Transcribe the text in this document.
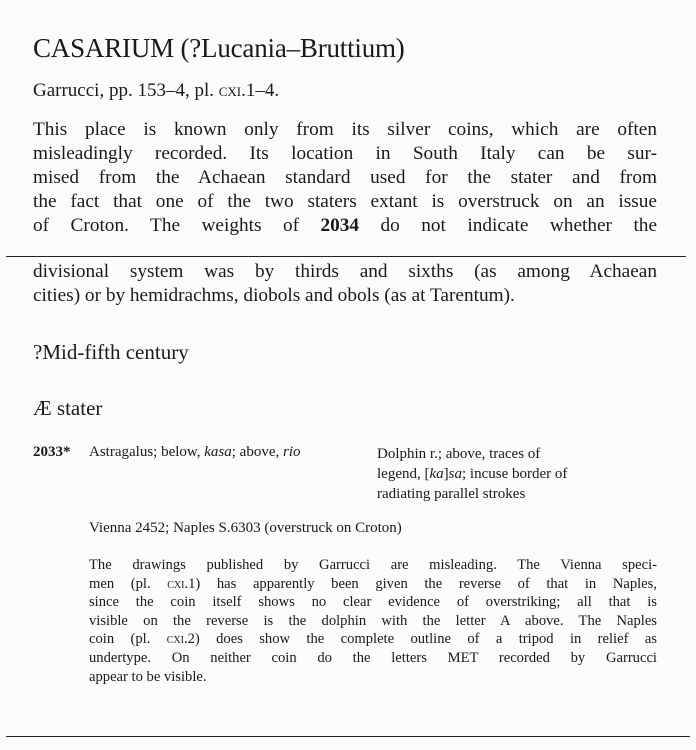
CASARIUM (?Lucania–Bruttium)
Garrucci, pp. 153–4, pl. cxi.1–4.
This place is known only from its silver coins, which are often
misleadingly recorded. Its location in South Italy can be sur-
mised from the Achaean standard used for the stater and from
the fact that one of the two staters extant is overstruck on an issue
of Croton. The weights of 2034 do not indicate whether the
divisional system was by thirds and sixths (as among Achaean
cities) or by hemidrachms, diobols and obols (as at Tarentum).
?Mid-fifth century
Æ stater
2033* Astragalus; below, kasa; above, rio	Dolphin r.; above, traces of
legend, [ka]sa; incuse border of
radiating parallel strokes
Vienna 2452; Naples S.6303 (overstruck on Croton)
The drawings published by Garrucci are misleading. The Vienna speci-
men (pl. cxi.1) has apparently been given the reverse of that in Naples,
since the coin itself shows no clear evidence of overstriking; all that is
visible on the reverse is the dolphin with the letter A above. The Naples
coin (pl. cxi.2) does show the complete outline of a tripod in relief as
undertype. On neither coin do the letters MET recorded by Garrucci
appear to be visible.
